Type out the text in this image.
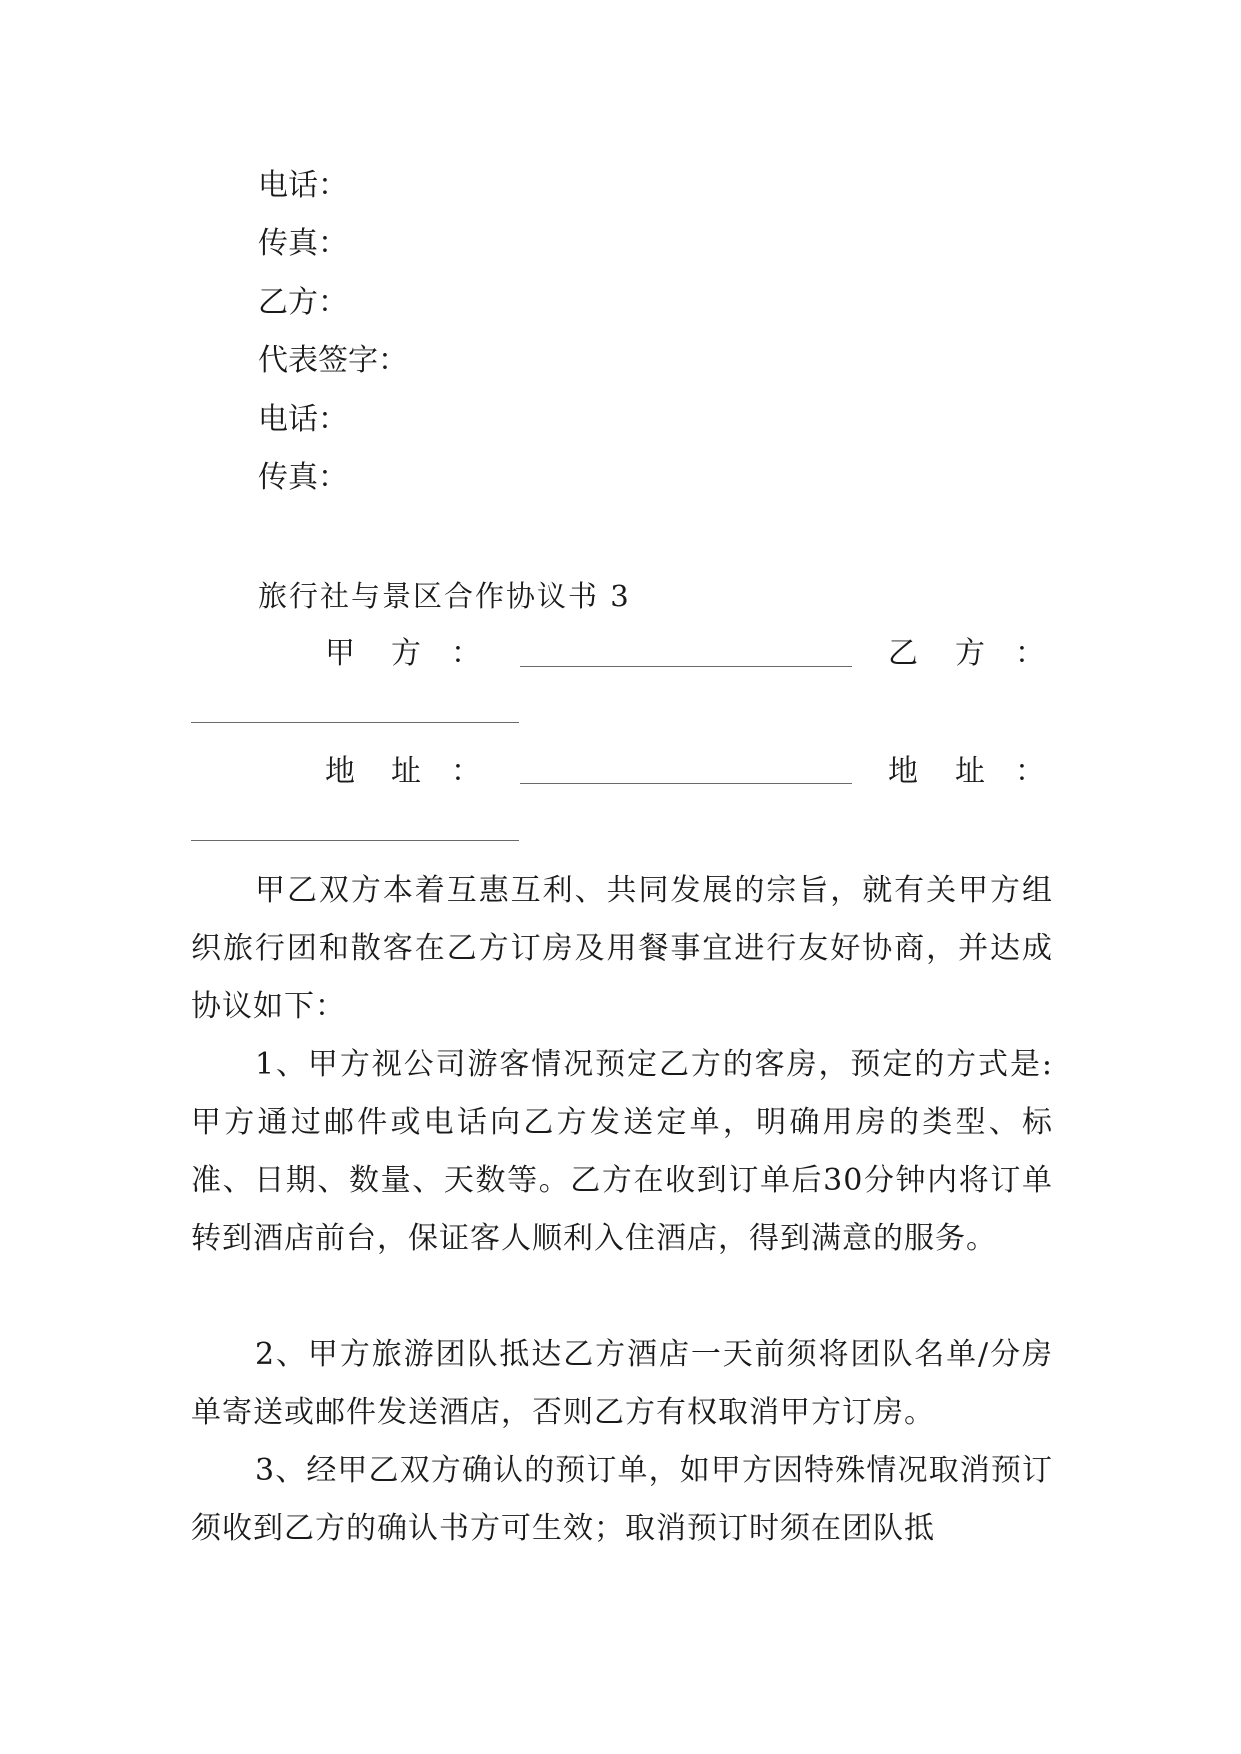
电话：
传真：
乙方：
代表签字：
电话：
传真：
旅行社与景区合作协议书 3
甲 方 ：	乙 方 ：
地 址 ：	地 址 ：

甲乙双方本着互惠互利、共同发展的宗旨，就有关甲方组织旅行团和散客在乙方订房及用餐事宜进行友好协商，并达成协议如下：

1、甲方视公司游客情况预定乙方的客房，预定的方式是:甲方通过邮件或电话向乙方发送定单，明确用房的类型、标准、日期、数量、天数等。乙方在收到订单后30分钟内将订单转到酒店前台，保证客人顺利入住酒店，得到满意的服务。

2、甲方旅游团队抵达乙方酒店一天前须将团队名单/分房单寄送或邮件发送酒店，否则乙方有权取消甲方订房。

3、经甲乙双方确认的预订单，如甲方因特殊情况取消预订须收到乙方的确认书方可生效；取消预订时须在团队抵
